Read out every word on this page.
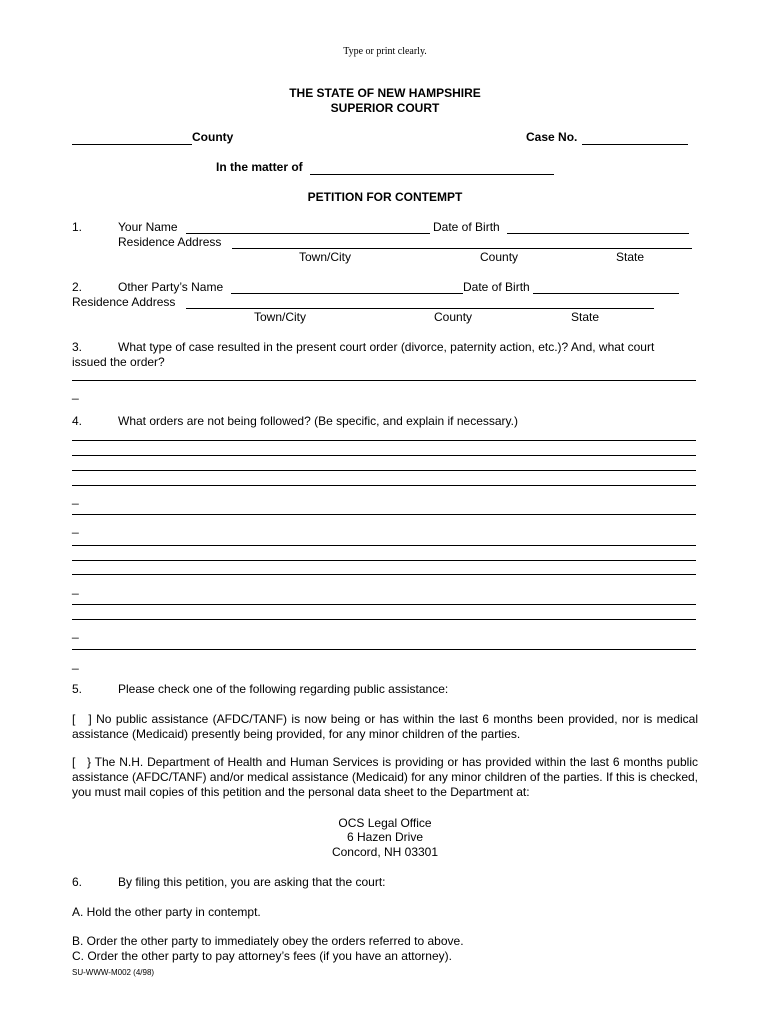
Type or print clearly.
THE STATE OF NEW HAMPSHIRE
SUPERIOR COURT
County	Case No.
In the matter of
PETITION FOR CONTEMPT
1.	Your Name	Date of Birth
Residence Address
Town/City	County	State
2.	Other Party’s Name	Date of Birth
Residence Address
Town/City	County	State
3.	What type of case resulted in the present court order (divorce, paternity action, etc.)? And, what court
issued the order?
_
4.	What orders are not being followed? (Be specific, and explain if necessary.)
_
_
_
_
_
5.	Please check one of the following regarding public assistance:
[   ] No public assistance (AFDC/TANF) is now being or has within the last 6 months been provided, nor is medical assistance (Medicaid) presently being provided, for any minor children of the parties.
[   } The N.H. Department of Health and Human Services is providing or has provided within the last 6 months public assistance (AFDC/TANF) and/or medical assistance (Medicaid) for any minor children of the parties. If this is checked, you must mail copies of this petition and the personal data sheet to the Department at:
OCS Legal Office
6 Hazen Drive
Concord, NH 03301
6.	By filing this petition, you are asking that the court:
A. Hold the other party in contempt.
B. Order the other party to immediately obey the orders referred to above.
C. Order the other party to pay attorney’s fees (if you have an attorney).
SU-WWW-M002 (4/98)
